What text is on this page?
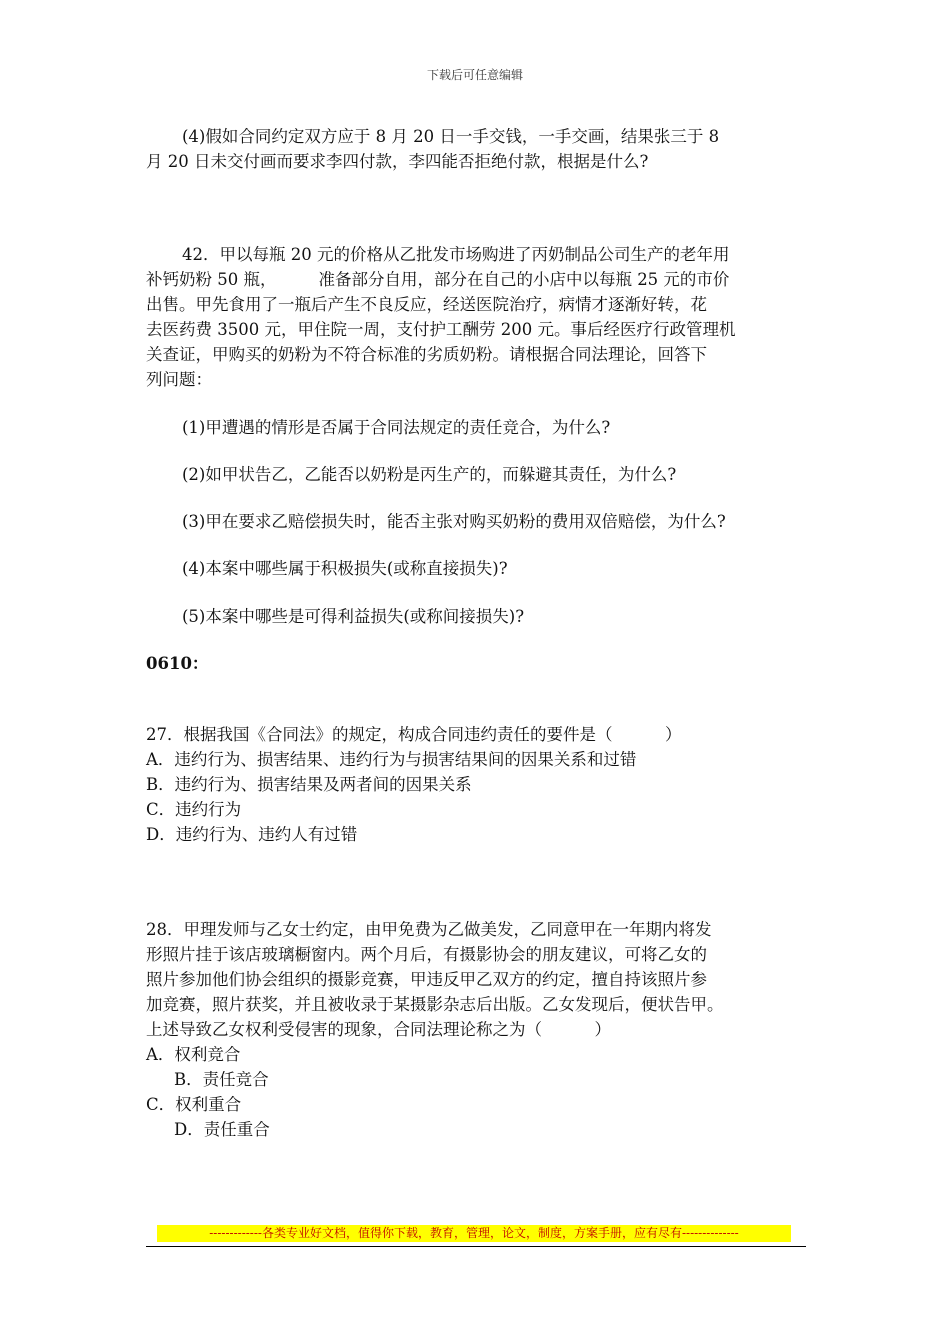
下载后可任意编辑
(4)假如合同约定双方应于 8 月 20 日一手交钱，一手交画，结果张三于 8
月 20 日未交付画而要求李四付款，李四能否拒绝付款，根据是什么?
42．甲以每瓶 20 元的价格从乙批发市场购进了丙奶制品公司生产的老年用
补钙奶粉 50 瓶，        准备部分自用，部分在自己的小店中以每瓶 25 元的市价
出售。甲先食用了一瓶后产生不良反应，经送医院治疗，病情才逐渐好转，花
去医药费 3500 元，甲住院一周，支付护工酬劳 200 元。事后经医疗行政管理机
关查证，甲购买的奶粉为不符合标准的劣质奶粉。请根据合同法理论，回答下
列问题：
(1)甲遭遇的情形是否属于合同法规定的责任竞合，为什么?
(2)如甲状告乙，乙能否以奶粉是丙生产的，而躲避其责任，为什么?
(3)甲在要求乙赔偿损失时，能否主张对购买奶粉的费用双倍赔偿，为什么?
(4)本案中哪些属于积极损失(或称直接损失)?
(5)本案中哪些是可得利益损失(或称间接损失)?
0610：
27．根据我国《合同法》的规定，构成合同违约责任的要件是（          ）
A．违约行为、损害结果、违约行为与损害结果间的因果关系和过错
B．违约行为、损害结果及两者间的因果关系
C．违约行为
D．违约行为、违约人有过错
28．甲理发师与乙女士约定，由甲免费为乙做美发，乙同意甲在一年期内将发
形照片挂于该店玻璃橱窗内。两个月后，有摄影协会的朋友建议，可将乙女的
照片参加他们协会组织的摄影竞赛，甲违反甲乙双方的约定，擅自持该照片参
加竞赛，照片获奖，并且被收录于某摄影杂志后出版。乙女发现后，便状告甲。
上述导致乙女权利受侵害的现象，合同法理论称之为（          ）
A．权利竞合
B．责任竞合
C．权利重合
D．责任重合
-------------各类专业好文档，值得你下载，教育，管理，论文，制度，方案手册，应有尽有--------------
